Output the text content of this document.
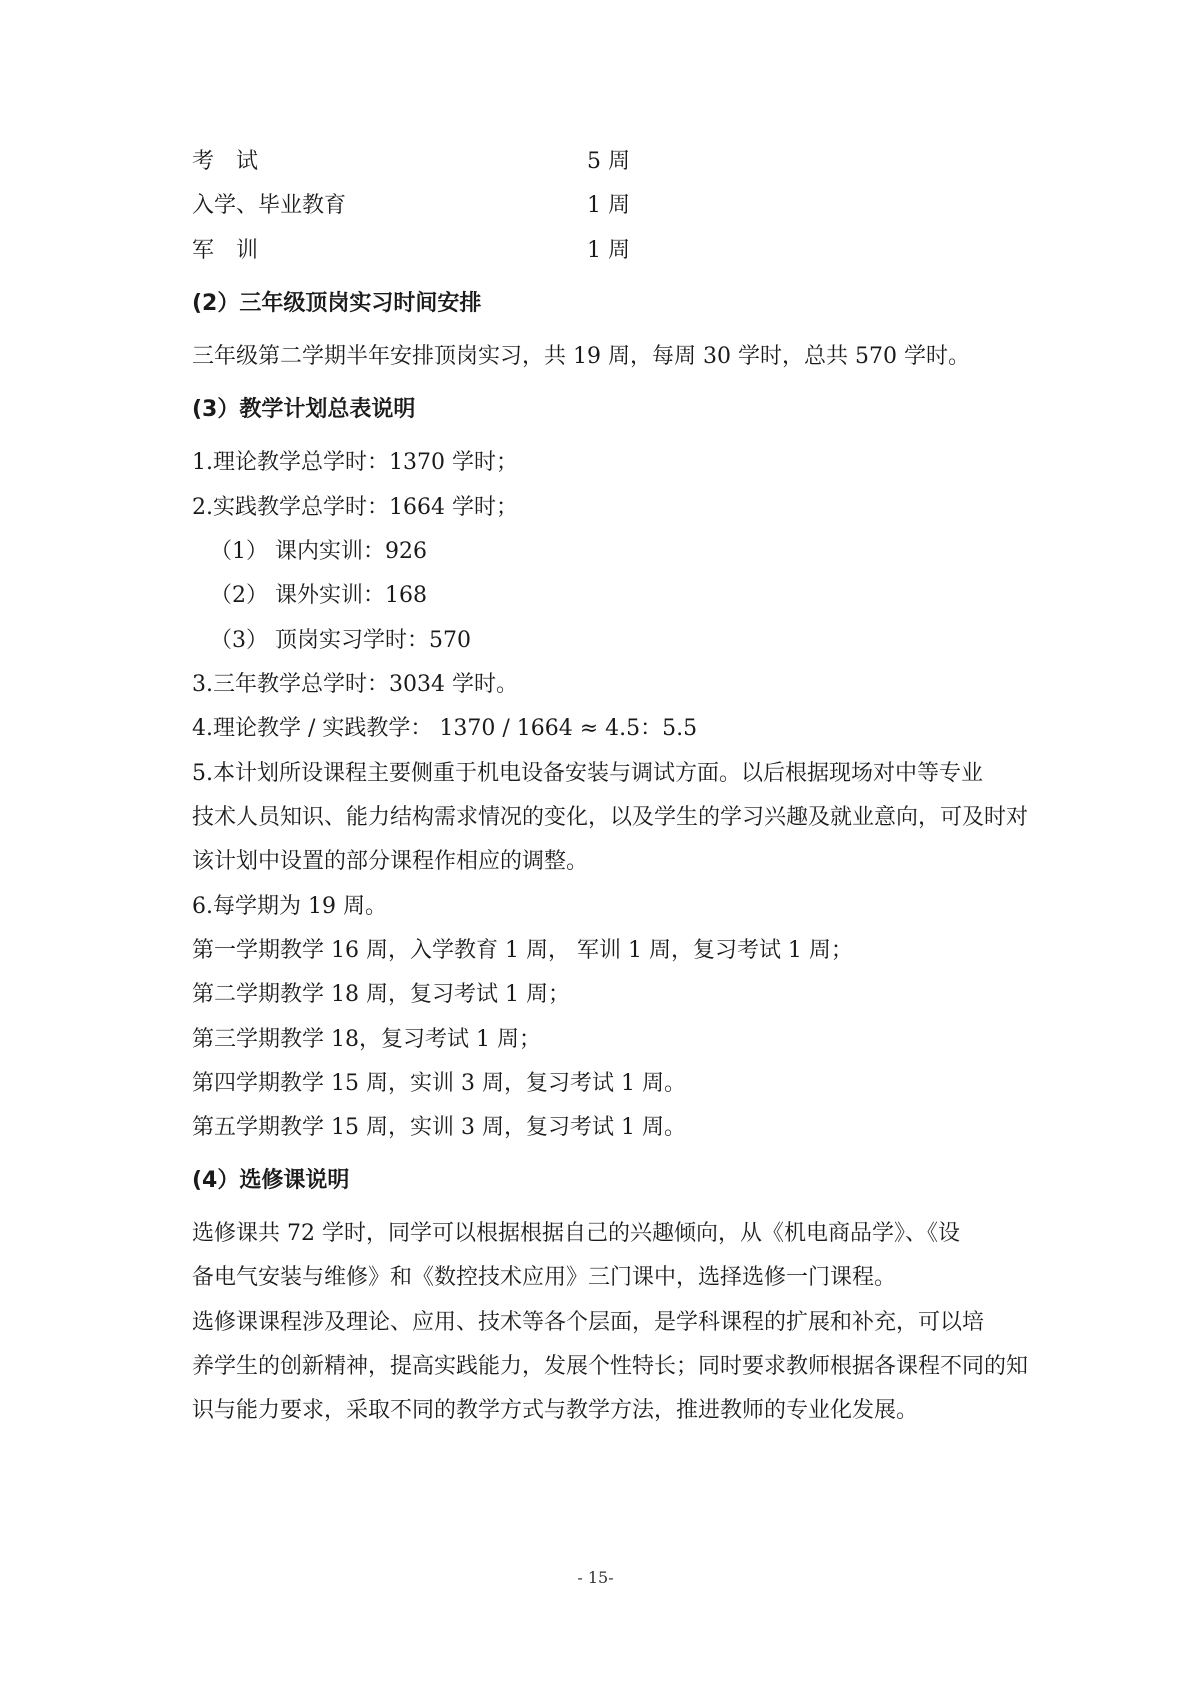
考　试	5 周
入学、毕业教育	1 周
军　训	1 周
(2）三年级顶岗实习时间安排
三年级第二学期半年安排顶岗实习，共 19 周，每周 30 学时，总共 570 学时。
(3）教学计划总表说明
1.理论教学总学时：1370 学时；
2.实践教学总学时：1664 学时；
（1） 课内实训：926
（2） 课外实训：168
（3） 顶岗实习学时：570
3.三年教学总学时：3034 学时。
4.理论教学 / 实践教学： 1370 / 1664 ≈ 4.5：5.5
5.本计划所设课程主要侧重于机电设备安装与调试方面。以后根据现场对中等专业
技术人员知识、能力结构需求情况的变化，以及学生的学习兴趣及就业意向，可及时对
该计划中设置的部分课程作相应的调整。
6.每学期为 19 周。
第一学期教学 16 周，入学教育 1 周， 军训 1 周，复习考试 1 周；
第二学期教学 18 周，复习考试 1 周；
第三学期教学 18，复习考试 1 周；
第四学期教学 15 周，实训 3 周，复习考试 1 周。
第五学期教学 15 周，实训 3 周，复习考试 1 周。
(4）选修课说明
选修课共 72 学时，同学可以根据根据自己的兴趣倾向，从《机电商品学》、《设
备电气安装与维修》和《数控技术应用》三门课中，选择选修一门课程。
选修课课程涉及理论、应用、技术等各个层面，是学科课程的扩展和补充，可以培
养学生的创新精神，提高实践能力，发展个性特长；同时要求教师根据各课程不同的知
识与能力要求，采取不同的教学方式与教学方法，推进教师的专业化发展。
- 15-
